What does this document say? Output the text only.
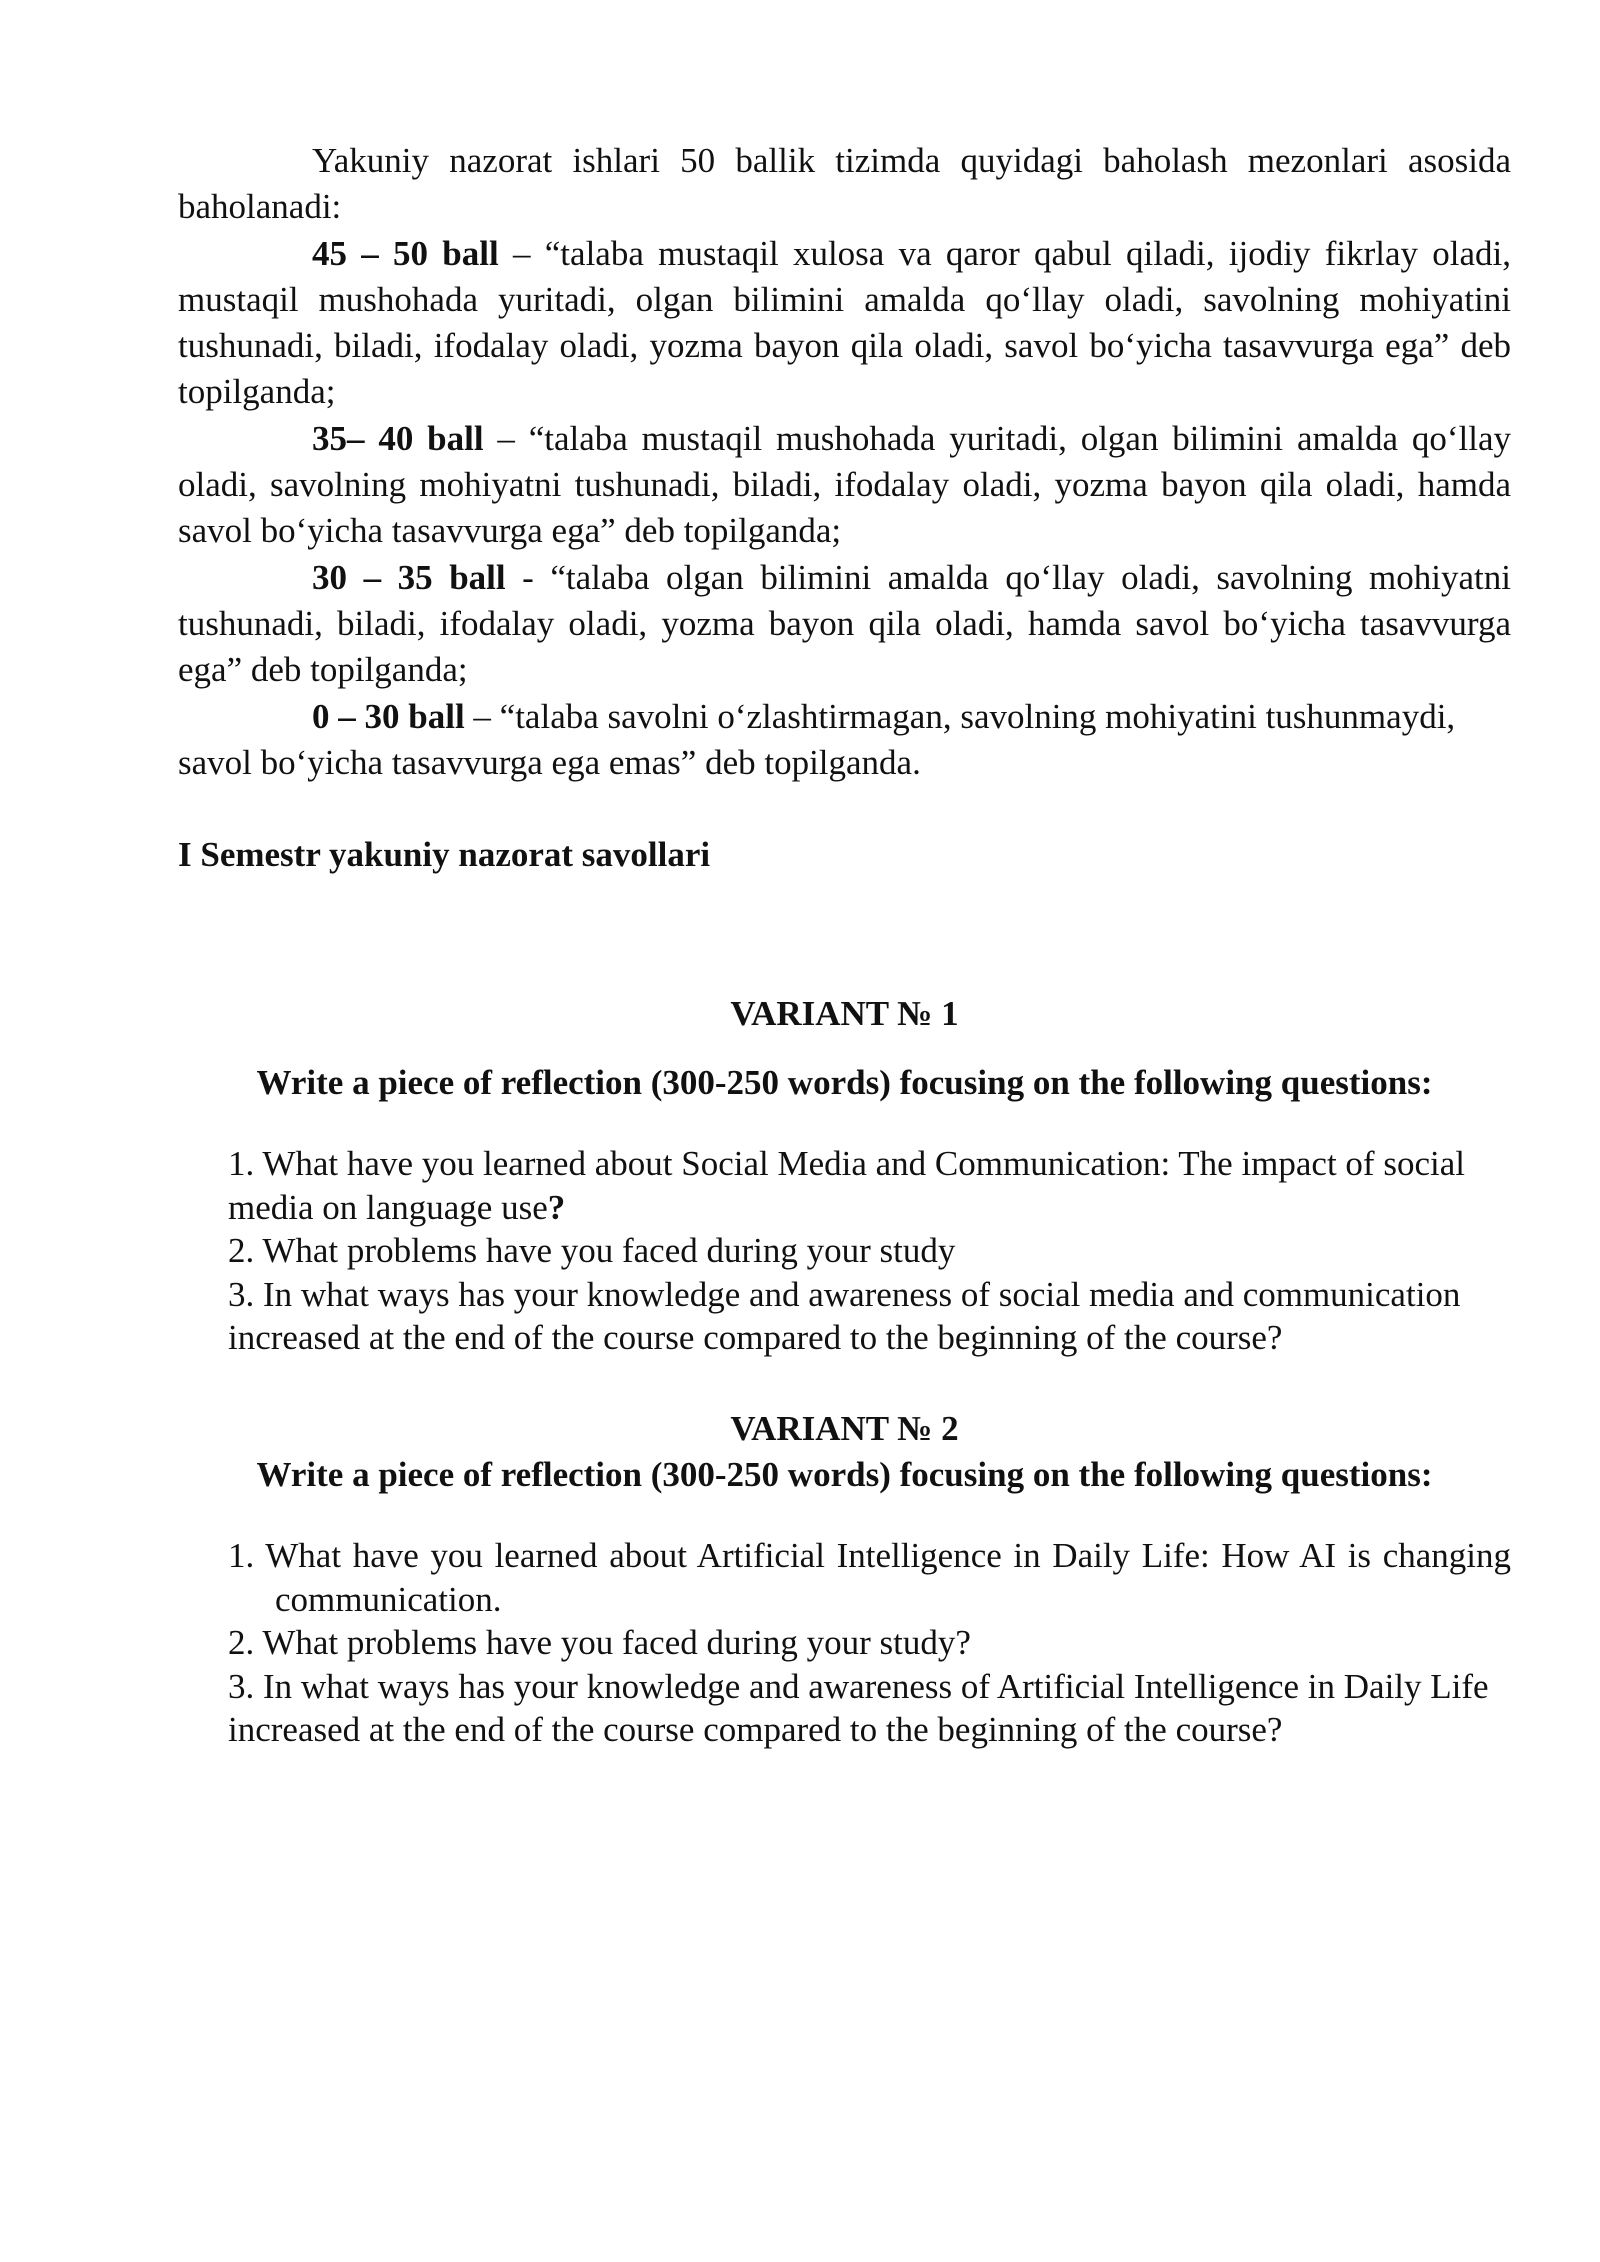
Yakuniy nazorat ishlari 50 ballik tizimda quyidagi baholash mezonlari asosida baholanadi:

45 – 50 ball – “talaba mustaqil xulosa va qaror qabul qiladi, ijodiy fikrlay oladi, mustaqil mushohada yuritadi, olgan bilimini amalda qo‘llay oladi, savolning mohiyatini tushunadi, biladi, ifodalay oladi, yozma bayon qila oladi, savol bo‘yicha tasavvurga ega” deb topilganda;

35– 40 ball – “talaba mustaqil mushohada yuritadi, olgan bilimini amalda qo‘llay oladi, savolning mohiyatni tushunadi, biladi, ifodalay oladi, yozma bayon qila oladi, hamda savol bo‘yicha tasavvurga ega” deb topilganda;

30 – 35 ball - “talaba olgan bilimini amalda qo‘llay oladi, savolning mohiyatni tushunadi, biladi, ifodalay oladi, yozma bayon qila oladi, hamda savol bo‘yicha tasavvurga ega” deb topilganda;

0 – 30 ball – “talaba savolni o‘zlashtirmagan, savolning mohiyatini tushunmaydi, savol bo‘yicha tasavvurga ega emas” deb topilganda.

I Semestr yakuniy nazorat savollari

VARIANT № 1

Write a piece of reflection (300-250 words) focusing on the following questions:

1. What have you learned about Social Media and Communication: The impact of social media on language use?
2. What problems have you faced during your study
3. In what ways has your knowledge and awareness of social media and communication increased at the end of the course compared to the beginning of the course?

VARIANT № 2

Write a piece of reflection (300-250 words) focusing on the following questions:

1. What have you learned about Artificial Intelligence in Daily Life: How AI is changing communication.
2. What problems have you faced during your study?
3. In what ways has your knowledge and awareness of Artificial Intelligence in Daily Life increased at the end of the course compared to the beginning of the course?
